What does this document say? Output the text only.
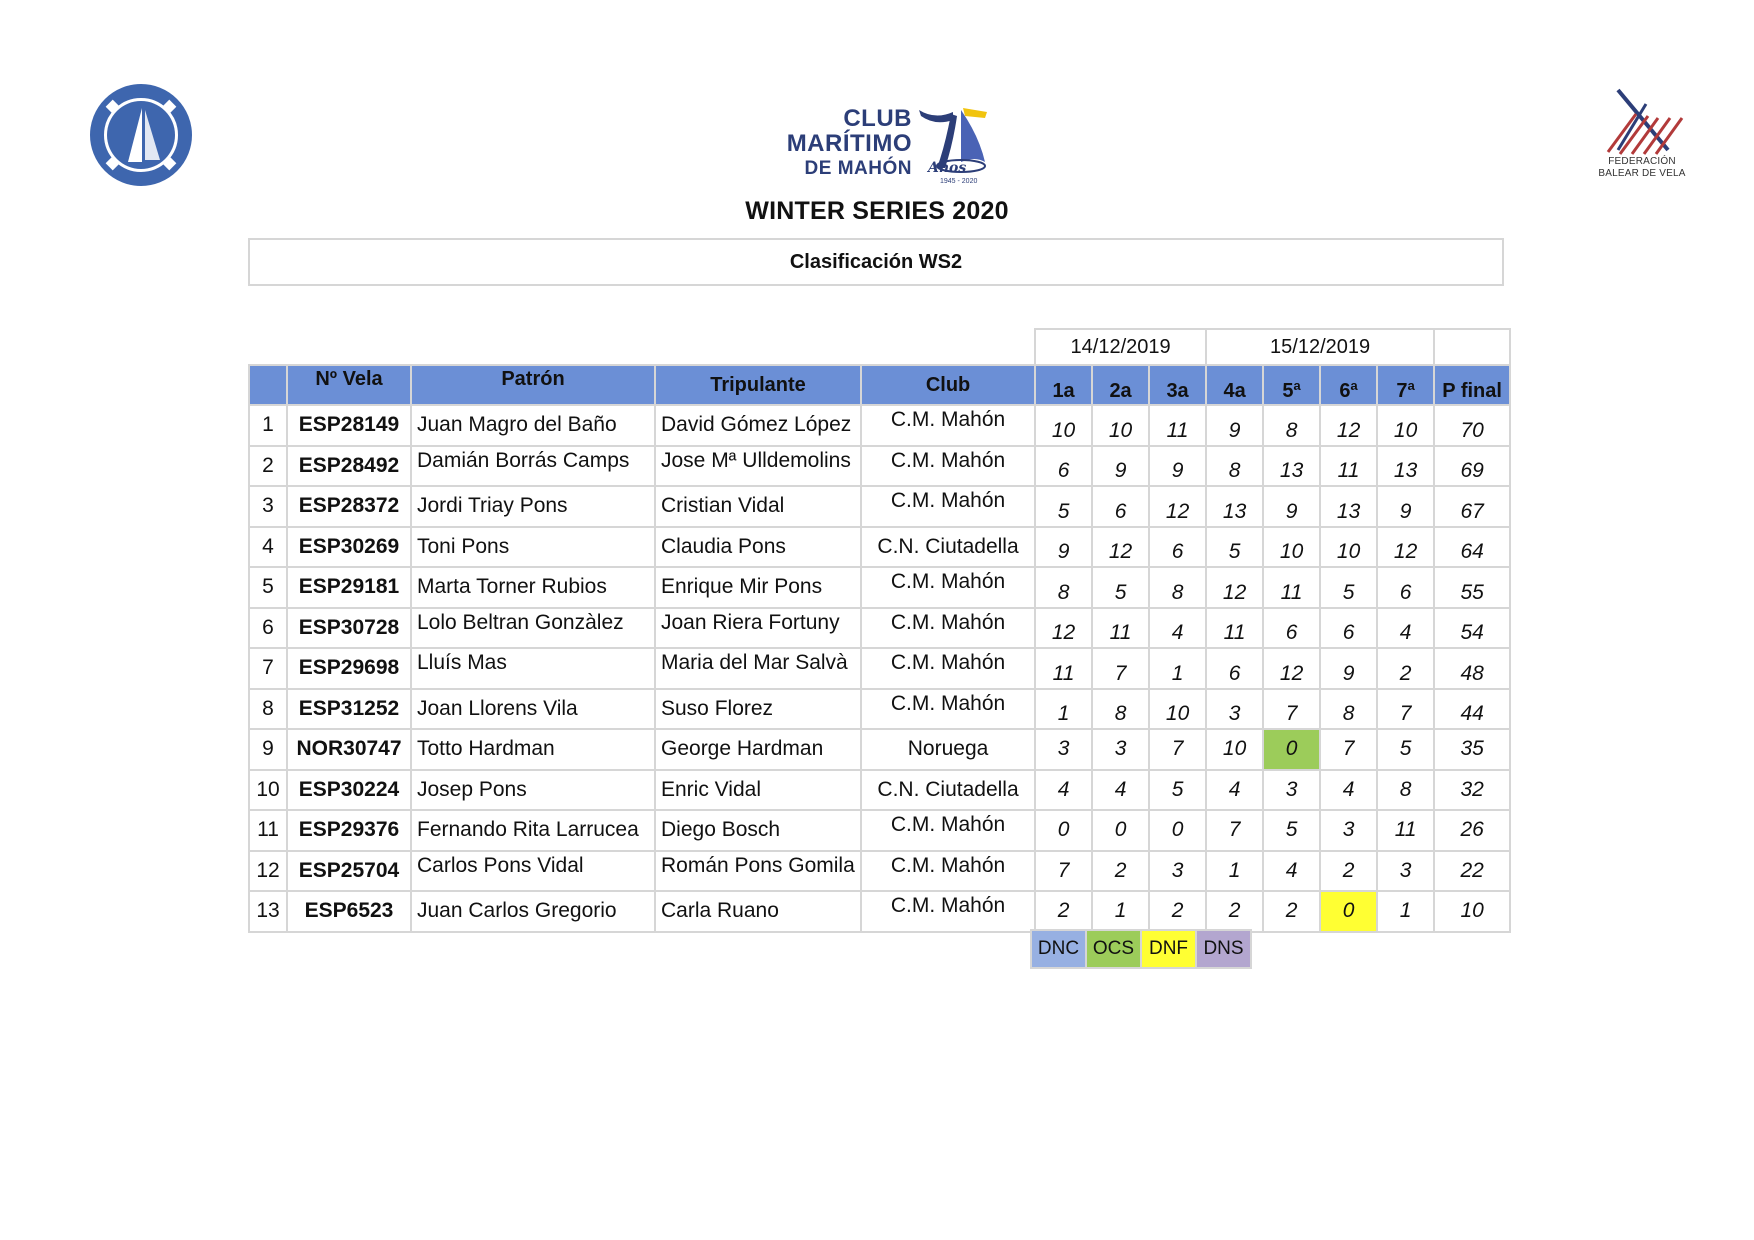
FEDERACIÓN
BALEAR DE VELA
CLUB
MARÍTIMO
DE MAHÓN Años
1945 - 2020
WINTER SERIES 2020
Clasificación WS2
					14/12/2019			15/12/2019				
	Nº Vela	Patrón	Tripulante	Club	1a	2a	3a	4a	5ª	6ª	7ª	P final
1	ESP28149	Juan Magro del Baño	David Gómez López	C.M. Mahón	10	10	11	9	8	12	10	70
2	ESP28492	Damián Borrás Camps	Jose Mª Ulldemolins	C.M. Mahón	6	9	9	8	13	11	13	69
3	ESP28372	Jordi Triay Pons	Cristian Vidal	C.M. Mahón	5	6	12	13	9	13	9	67
4	ESP30269	Toni Pons	Claudia Pons	C.N. Ciutadella	9	12	6	5	10	10	12	64
5	ESP29181	Marta Torner Rubios	Enrique Mir Pons	C.M. Mahón	8	5	8	12	11	5	6	55
6	ESP30728	Lolo Beltran Gonzàlez	Joan Riera Fortuny	C.M. Mahón	12	11	4	11	6	6	4	54
7	ESP29698	Lluís Mas	Maria del Mar Salvà	C.M. Mahón	11	7	1	6	12	9	2	48
8	ESP31252	Joan Llorens Vila	Suso Florez	C.M. Mahón	1	8	10	3	7	8	7	44
9	NOR30747	Totto Hardman	George Hardman	Noruega	3	3	7	10	0	7	5	35
10	ESP30224	Josep Pons	Enric Vidal	C.N. Ciutadella	4	4	5	4	3	4	8	32
11	ESP29376	Fernando Rita Larrucea	Diego Bosch	C.M. Mahón	0	0	0	7	5	3	11	26
12	ESP25704	Carlos Pons Vidal	Román Pons Gomila	C.M. Mahón	7	2	3	1	4	2	3	22
13	ESP6523	Juan Carlos Gregorio	Carla Ruano	C.M. Mahón	2	1	2	2	2	0	1	10
DNC OCS DNF DNS
